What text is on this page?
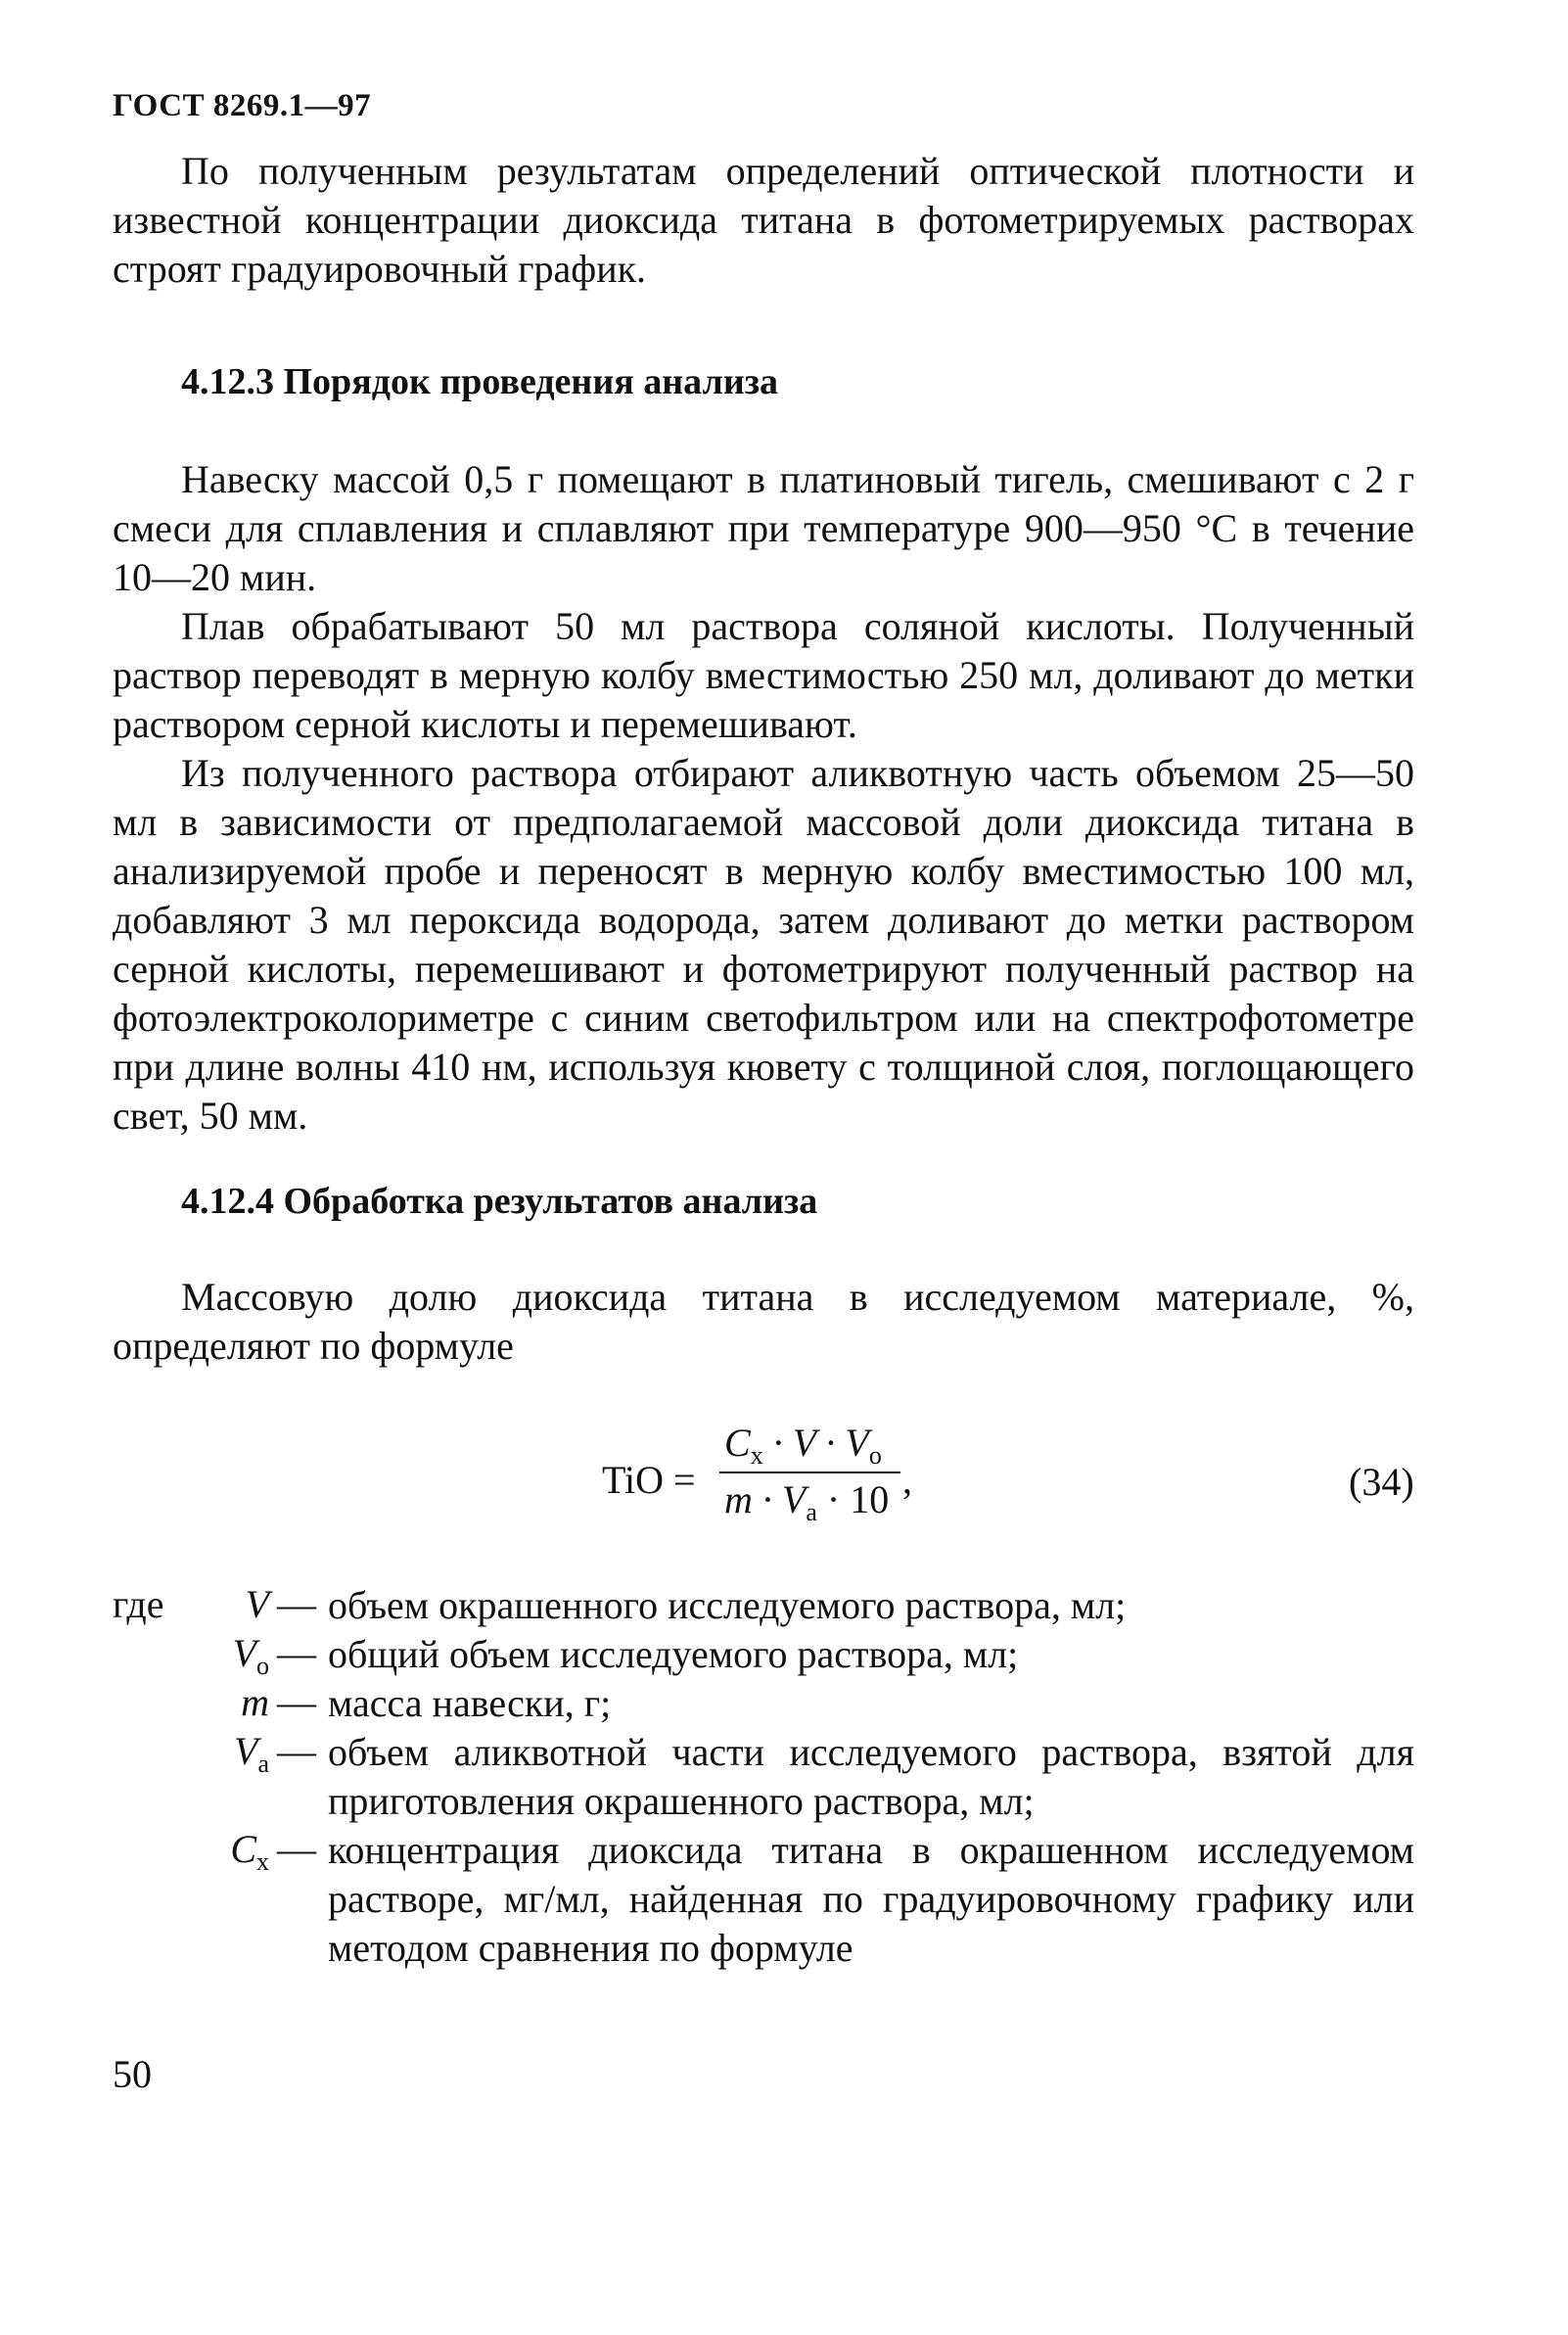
ГОСТ 8269.1—97

По полученным результатам определений оптической плотности и известной концентрации диоксида титана в фотометрируемых растворах строят градуировочный график.

4.12.3 Порядок проведения анализа

Навеску массой 0,5 г помещают в платиновый тигель, смешивают с 2 г смеси для сплавления и сплавляют при температуре 900—950 °С в течение 10—20 мин.

Плав обрабатывают 50 мл раствора соляной кислоты. Полученный раствор переводят в мерную колбу вместимостью 250 мл, доливают до метки раствором серной кислоты и перемешивают.

Из полученного раствора отбирают аликвотную часть объемом 25—50 мл в зависимости от предполагаемой массовой доли диоксида титана в анализируемой пробе и переносят в мерную колбу вместимостью 100 мл, добавляют 3 мл пероксида водорода, затем доливают до метки раствором серной кислоты, перемешивают и фотометрируют полученный раствор на фотоэлектроколориметре с синим светофильтром или на спектрофотометре при длине волны 410 нм, используя кювету с толщиной слоя, поглощающего свет, 50 мм.

4.12.4 Обработка результатов анализа

Массовую долю диоксида титана в исследуемом материале, %, определяют по формуле

TiO =
$C_x \cdot V \cdot V_o$
$m \cdot V_a \cdot 10$ ,	(34)
где	V — объем окрашенного исследуемого раствора, мл;
$V_о$ — общий объем исследуемого раствора, мл;
m — масса навески, г;
$V_а$ — объем аликвотной части исследуемого раствора, взятой для приготовления окрашенного раствора, мл;
$C_x$ — концентрация диоксида титана в окрашенном исследуемом растворе, мг/мл, найденная по градуировочному графику или методом сравнения по формуле
50
